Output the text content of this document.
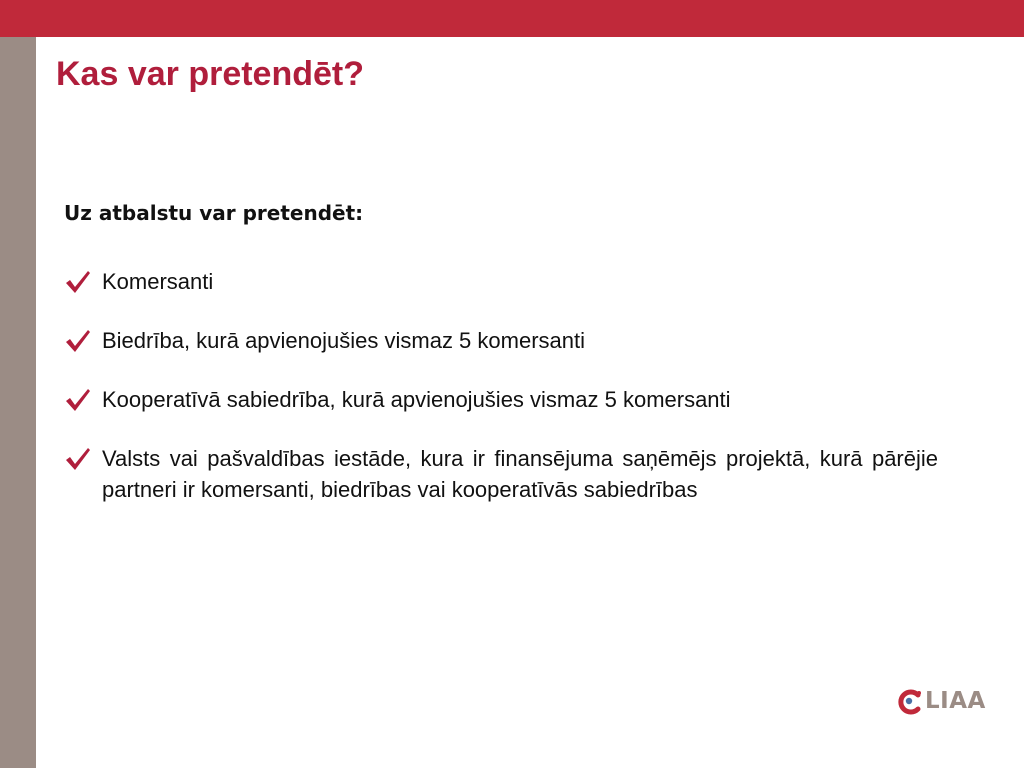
Kas var pretendēt?
Uz atbalstu var pretendēt:
Komersanti
Biedrība, kurā apvienojušies vismaz 5 komersanti
Kooperatīvā sabiedrība, kurā apvienojušies vismaz 5 komersanti
Valsts vai pašvaldības iestāde, kura ir finansējuma saņēmējs projektā, kurā pārējie partneri ir komersanti, biedrības vai kooperatīvās sabiedrības
LIAA
